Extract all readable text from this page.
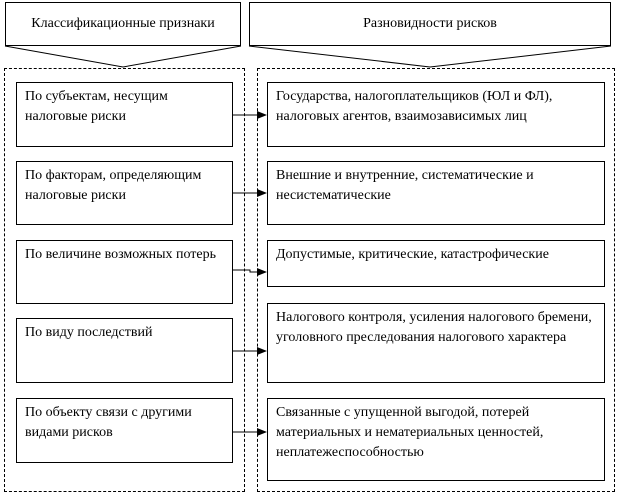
Классификационные признаки	Разновидности рисков
По субъектам, несущим налоговые риски
По факторам, определяющим налоговые риски
По величине возможных потерь
По виду последствий
По объекту связи с другими видами рисков
Государства, налогоплательщиков (ЮЛ и ФЛ), налоговых агентов, взаимозависимых лиц
Внешние и внутренние, систематические и несистематические
Допустимые, критические, катастрофические
Налогового контроля, усиления налогового бремени, уголовного преследования налогового характера
Связанные с упущенной выгодой, потерей материальных и нематериальных ценностей, неплатежеспособностью
